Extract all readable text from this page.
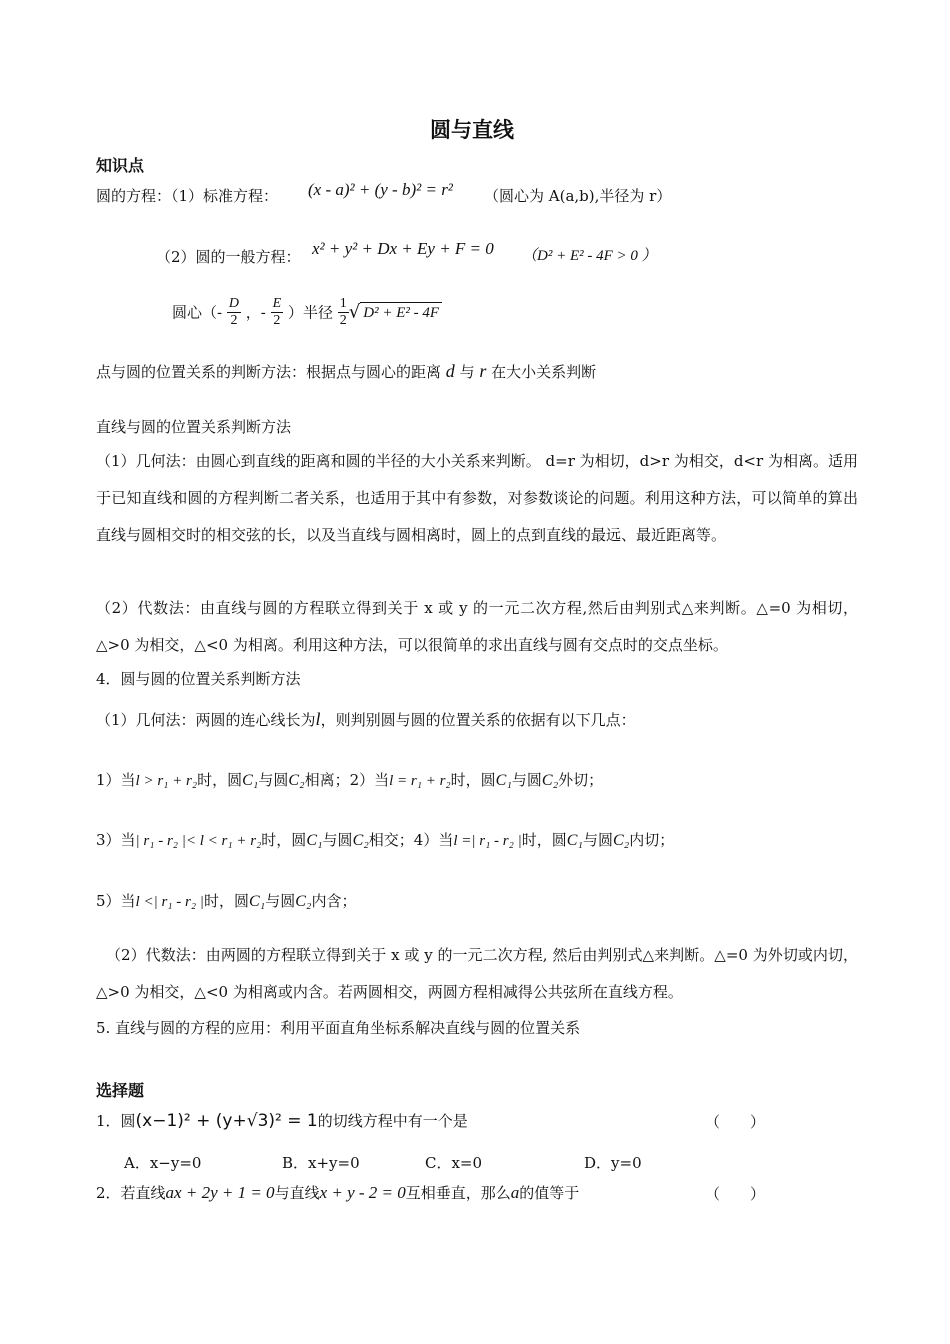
圆与直线
知识点
圆的方程：（1）标准方程： (x - a)² + (y - b)² = r² （圆心为 A(a,b),半径为 r）
（2）圆的一般方程： x² + y² + Dx + Ey + F = 0 （D² + E² - 4F > 0 ）
圆心（- $\frac{D}{2}$ ，- $\frac{E}{2}$ ）半径 $\frac{1}{2}$ √ D² + E² - 4F
点与圆的位置关系的判断方法：根据点与圆心的距离 d 与 r 在大小关系判断
直线与圆的位置关系判断方法
（1）几何法：由圆心到直线的距离和圆的半径的大小关系来判断。 d=r 为相切，d>r 为相交，d<r 为相离。适用于已知直线和圆的方程判断二者关系，也适用于其中有参数，对参数谈论的问题。利用这种方法，可以简单的算出直线与圆相交时的相交弦的长，以及当直线与圆相离时，圆上的点到直线的最远、最近距离等。
（2）代数法：由直线与圆的方程联立得到关于 x 或 y 的一元二次方程,然后由判别式△来判断。△=0 为相切，△>0 为相交，△<0 为相离。利用这种方法，可以很简单的求出直线与圆有交点时的交点坐标。
4．圆与圆的位置关系判断方法
（1）几何法：两圆的连心线长为l，则判别圆与圆的位置关系的依据有以下几点：
1）当l > r₁ + r₂时，圆C₁与圆C₂相离；2）当l = r₁ + r₂时，圆C₁与圆C₂外切；
3）当| r₁ - r₂ |< l < r₁ + r₂时，圆C₁与圆C₂相交；4）当l =| r₁ - r₂ |时，圆C₁与圆C₂内切；
5）当l <| r₁ - r₂ |时，圆C₁与圆C₂内含；
（2）代数法：由两圆的方程联立得到关于 x 或 y 的一元二次方程, 然后由判别式△来判断。△=0 为外切或内切，△>0 为相交，△<0 为相离或内含。若两圆相交，两圆方程相减得公共弦所在直线方程。
5. 直线与圆的方程的应用：利用平面直角坐标系解决直线与圆的位置关系
选择题
1．圆(x−1)² + (y+√3)² = 1的切线方程中有一个是	（　　）
A．x−y=0	B．x+y=0	C．x=0	D．y=0
2．若直线ax + 2y + 1 = 0与直线x + y - 2 = 0互相垂直，那么a的值等于	（　　）
